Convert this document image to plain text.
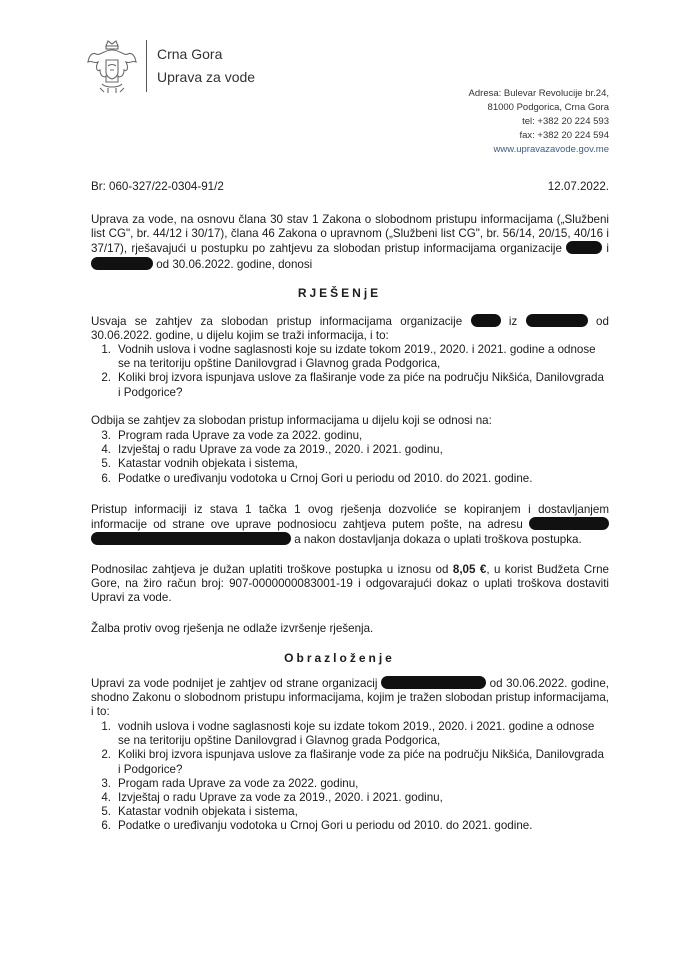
Crna Gora
Uprava za vode
Adresa: Bulevar Revolucije br.24,
81000 Podgorica, Crna Gora
tel: +382 20 224 593
fax: +382 20 224 594
www.upravazavode.gov.me
Br: 060-327/22-0304-91/2	12.07.2022.
Uprava za vode, na osnovu člana 30 stav 1 Zakona o slobodnom pristupu informacijama („Službeni list CG", br. 44/12 i 30/17), člana 46 Zakona o upravnom („Službeni list CG", br. 56/14, 20/15, 40/16 i 37/17), rješavajući u postupku po zahtjevu za slobodan pristup informacijama organizacije	i  od 30.06.2022. godine, donosi
RJEŠENjE
Usvaja se zahtjev za slobodan pristup informacijama organizacije	iz	od 30.06.2022. godine, u dijelu kojim se traži informacija, i to:
1. Vodnih uslova i vodne saglasnosti koje su izdate tokom 2019., 2020. i 2021. godine a odnose se na teritoriju opštine Danilovgrad i Glavnog grada Podgorica,
2. Koliki broj izvora ispunjava uslove za flaširanje vode za piće na području Nikšića, Danilovgrada i Podgorice?
Odbija se zahtjev za slobodan pristup informacijama u dijelu koji se odnosi na:
3. Program rada Uprave za vode za 2022. godinu,
4. Izvještaj o radu Uprave za vode za 2019., 2020. i 2021. godinu,
5. Katastar vodnih objekata i sistema,
6. Podatke o uređivanju vodotoka u Crnoj Gori u periodu od 2010. do 2021. godine.
Pristup informaciji iz stava 1 tačka 1 ovog rješenja dozvoliće se kopiranjem i dostavljanjem informacije od strane ove uprave podnosiocu zahtjeva putem pošte, na adresu   a nakon dostavljanja dokaza o uplati troškova postupka.
Podnosilac zahtjeva je dužan uplatiti troškove postupka u iznosu od 8,05 €, u korist Budžeta Crne Gore, na žiro račun broj: 907-0000000083001-19 i odgovarajući dokaz o uplati troškova dostaviti Upravi za vode.
Žalba protiv ovog rješenja ne odlaže izvršenje rješenja.
Obrazloženje
Upravi za vode podnijet je zahtjev od strane organizacij	od 30.06.2022. godine, shodno Zakonu o slobodnom pristupu informacijama, kojim je tražen slobodan pristup informacijama, i to:
1. vodnih uslova i vodne saglasnosti koje su izdate tokom 2019., 2020. i 2021. godine a odnose se na teritoriju opštine Danilovgrad i Glavnog grada Podgorica,
2. Koliki broj izvora ispunjava uslove za flaširanje vode za piće na području Nikšića, Danilovgrada i Podgorice?
3. Progam rada Uprave za vode za 2022. godinu,
4. Izvještaj o radu Uprave za vode za 2019., 2020. i 2021. godinu,
5. Katastar vodnih objekata i sistema,
6. Podatke o uređivanju vodotoka u Crnoj Gori u periodu od 2010. do 2021. godine.
